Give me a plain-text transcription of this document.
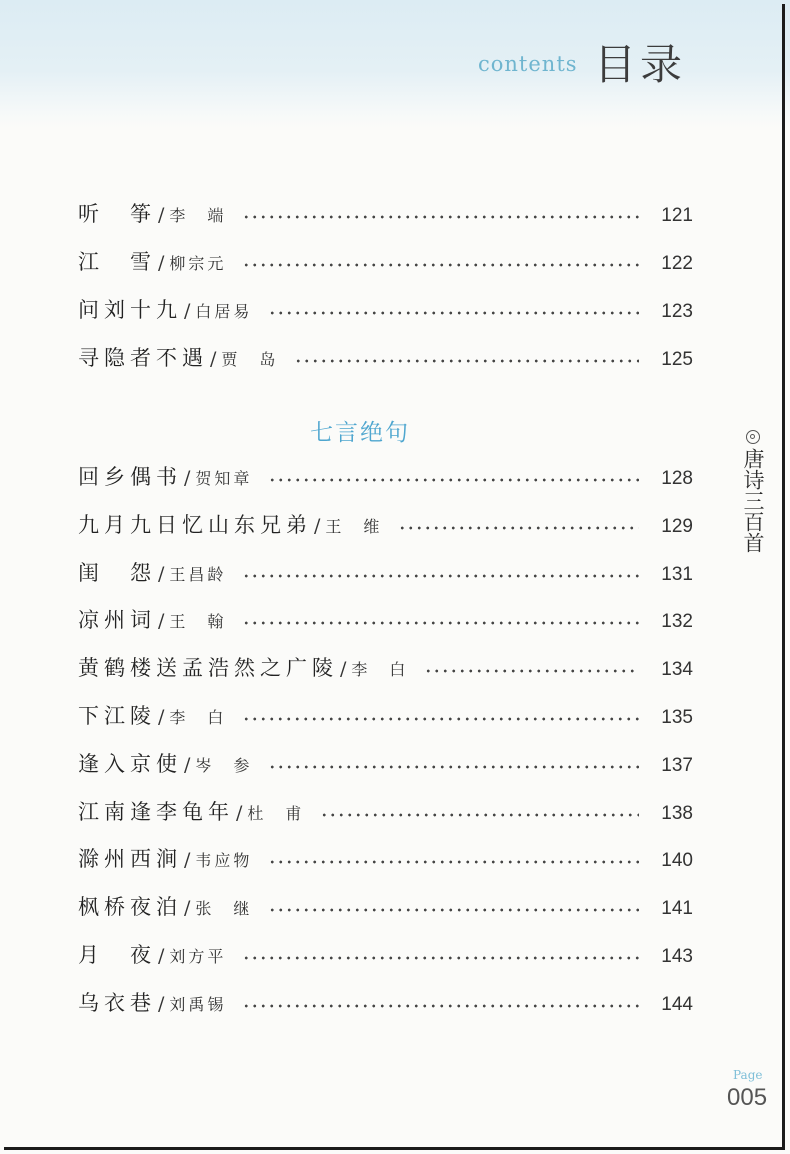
contents 目录
听　筝 / 李　端	121
江　雪 / 柳宗元	122
问刘十九 / 白居易	123
寻隐者不遇 / 贾　岛	125
七言绝句
回乡偶书 / 贺知章	128
九月九日忆山东兄弟 / 王　维	129
闺　怨 / 王昌龄	131
凉州词 / 王　翰	132
黄鹤楼送孟浩然之广陵 / 李　白	134
下江陵 / 李　白	135
逢入京使 / 岑　参	137
江南逢李龟年 / 杜　甫	138
滁州西涧 / 韦应物	140
枫桥夜泊 / 张　继	141
月　夜 / 刘方平	143
乌衣巷 / 刘禹锡	144
唐诗三百首
Page
005
